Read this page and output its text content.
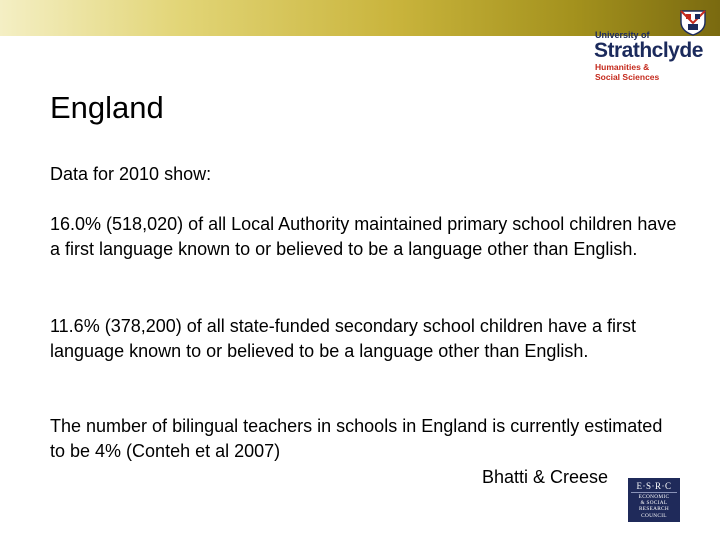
University of
Strathclyde
Humanities &
Social Sciences
England

Data for 2010 show:

16.0% (518,020) of all Local Authority maintained primary school children have a first language known to or believed to be a language other than English.

11.6% (378,200) of all state-funded secondary school children have a first language known to or believed to be a language other than English.

The number of bilingual teachers in schools in England is currently estimated to be 4% (Conteh et al 2007)

Bhatti & Creese	E·S·R·C
ECONOMIC
& SOCIAL
RESEARCH
COUNCIL
